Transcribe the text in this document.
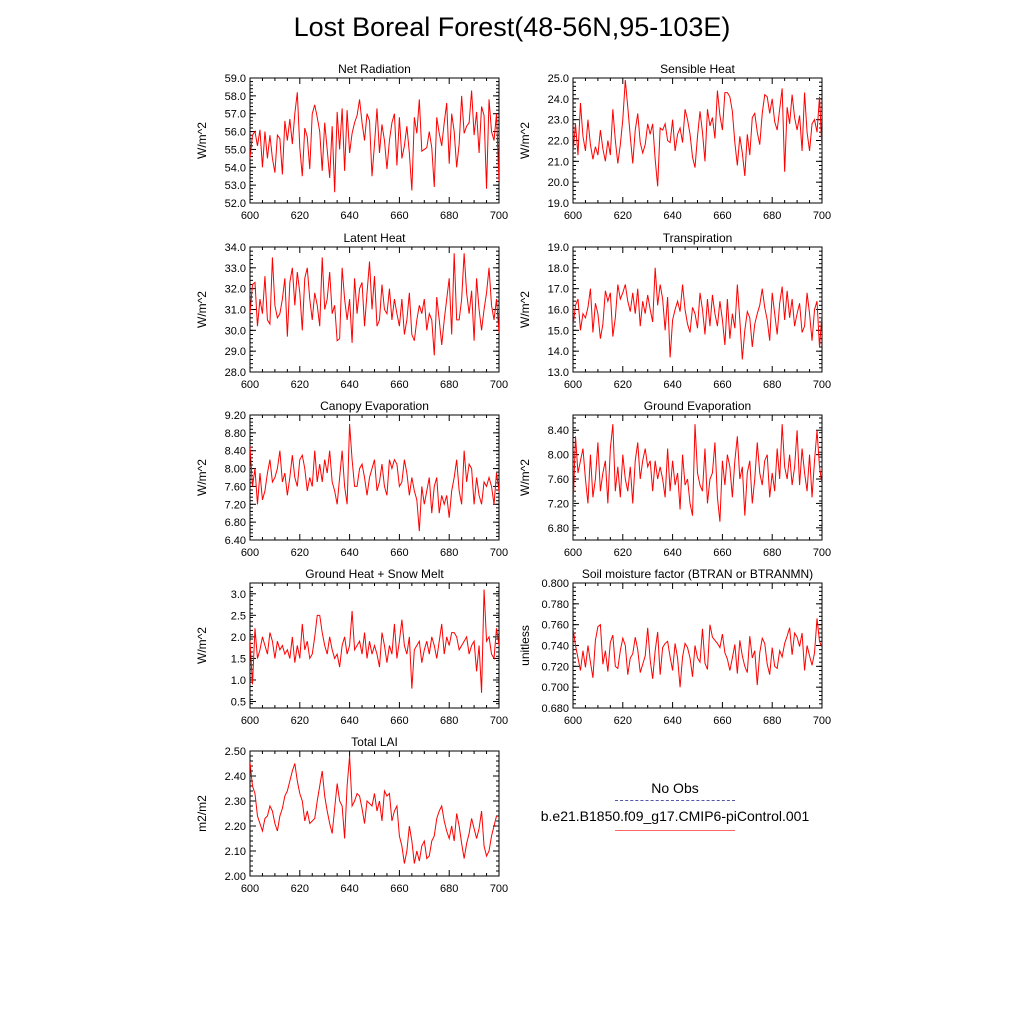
Lost Boreal Forest(48-56N,95-103E)
Net Radiation
W/m^2
600	620	640	660	680	700
52.0
53.0
54.0
55.0
56.0
57.0
58.0
59.0
Sensible Heat
W/m^2
600	620	640	660	680	700
19.0
20.0
21.0
22.0
23.0
24.0
25.0
Latent Heat
W/m^2
600	620	640	660	680	700
28.0
29.0
30.0
31.0
32.0
33.0
34.0
Transpiration
W/m^2
600	620	640	660	680	700
13.0
14.0
15.0
16.0
17.0
18.0
19.0
Canopy Evaporation
W/m^2
600	620	640	660	680	700
6.40
6.80
7.20
7.60
8.00
8.40
8.80
9.20
Ground Evaporation
W/m^2
600	620	640	660	680	700
6.80
7.20
7.60
8.00
8.40
Ground Heat + Snow Melt
W/m^2
600	620	640	660	680	700
0.5
1.0
1.5
2.0
2.5
3.0
Soil moisture factor (BTRAN or BTRANMN)
unitless
600	620	640	660	680	700
0.680
0.700
0.720
0.740
0.760
0.780
0.800
Total LAI
m2/m2
600	620	640	660	680	700
2.00
2.10
2.20
2.30
2.40
2.50
No Obs
b.e21.B1850.f09_g17.CMIP6-piControl.001
